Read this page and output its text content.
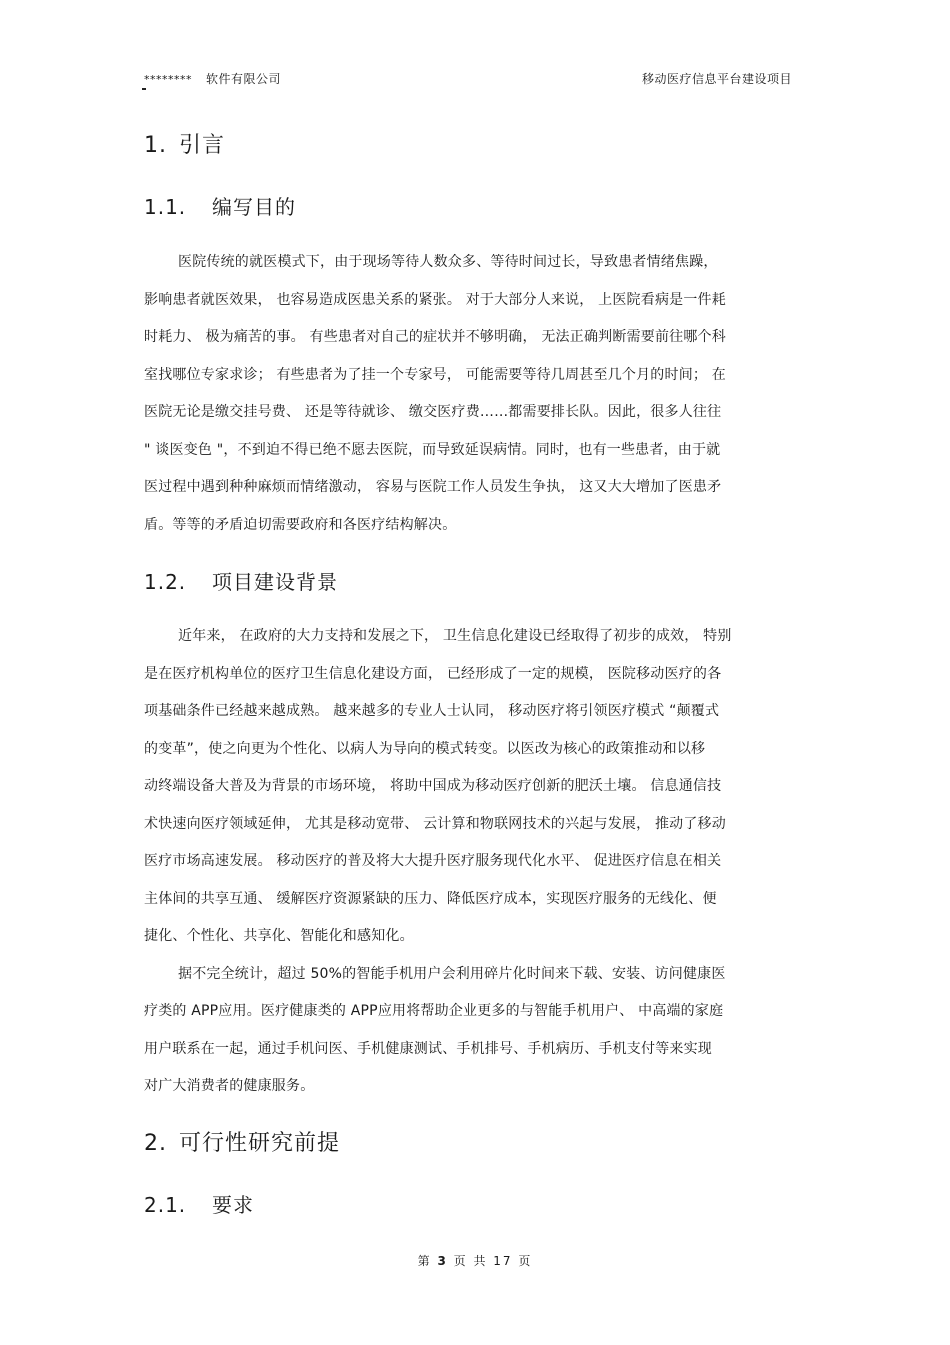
******** 软件有限公司	移动医疗信息平台建设项目
1. 引言
1.1. 编写目的
医院传统的就医模式下，由于现场等待人数众多、等待时间过长，导致患者情绪焦躁，
影响患者就医效果， 也容易造成医患关系的紧张。 对于大部分人来说， 上医院看病是一件耗
时耗力、 极为痛苦的事。 有些患者对自己的症状并不够明确， 无法正确判断需要前往哪个科
室找哪位专家求诊； 有些患者为了挂一个专家号， 可能需要等待几周甚至几个月的时间； 在
医院无论是缴交挂号费、 还是等待就诊、 缴交医疗费……都需要排长队。因此，很多人往往
" 谈医变色 "，不到迫不得已绝不愿去医院，而导致延误病情。同时，也有一些患者，由于就
医过程中遇到种种麻烦而情绪激动， 容易与医院工作人员发生争执， 这又大大增加了医患矛
盾。等等的矛盾迫切需要政府和各医疗结构解决。
1.2. 项目建设背景
近年来， 在政府的大力支持和发展之下， 卫生信息化建设已经取得了初步的成效， 特别
是在医疗机构单位的医疗卫生信息化建设方面， 已经形成了一定的规模， 医院移动医疗的各
项基础条件已经越来越成熟。 越来越多的专业人士认同， 移动医疗将引领医疗模式 “颠覆式
的变革”，使之向更为个性化、以病人为导向的模式转变。以医改为核心的政策推动和以移
动终端设备大普及为背景的市场环境， 将助中国成为移动医疗创新的肥沃土壤。 信息通信技
术快速向医疗领域延伸， 尤其是移动宽带、 云计算和物联网技术的兴起与发展， 推动了移动
医疗市场高速发展。 移动医疗的普及将大大提升医疗服务现代化水平、 促进医疗信息在相关
主体间的共享互通、 缓解医疗资源紧缺的压力、降低医疗成本，实现医疗服务的无线化、便
捷化、个性化、共享化、智能化和感知化。
据不完全统计，超过 50%的智能手机用户会利用碎片化时间来下载、安装、访问健康医
疗类的 APP应用。医疗健康类的 APP应用将帮助企业更多的与智能手机用户、 中高端的家庭
用户联系在一起，通过手机问医、手机健康测试、手机排号、手机病历、手机支付等来实现
对广大消费者的健康服务。
2. 可行性研究前提
2.1. 要求
第 3 页 共 17 页
